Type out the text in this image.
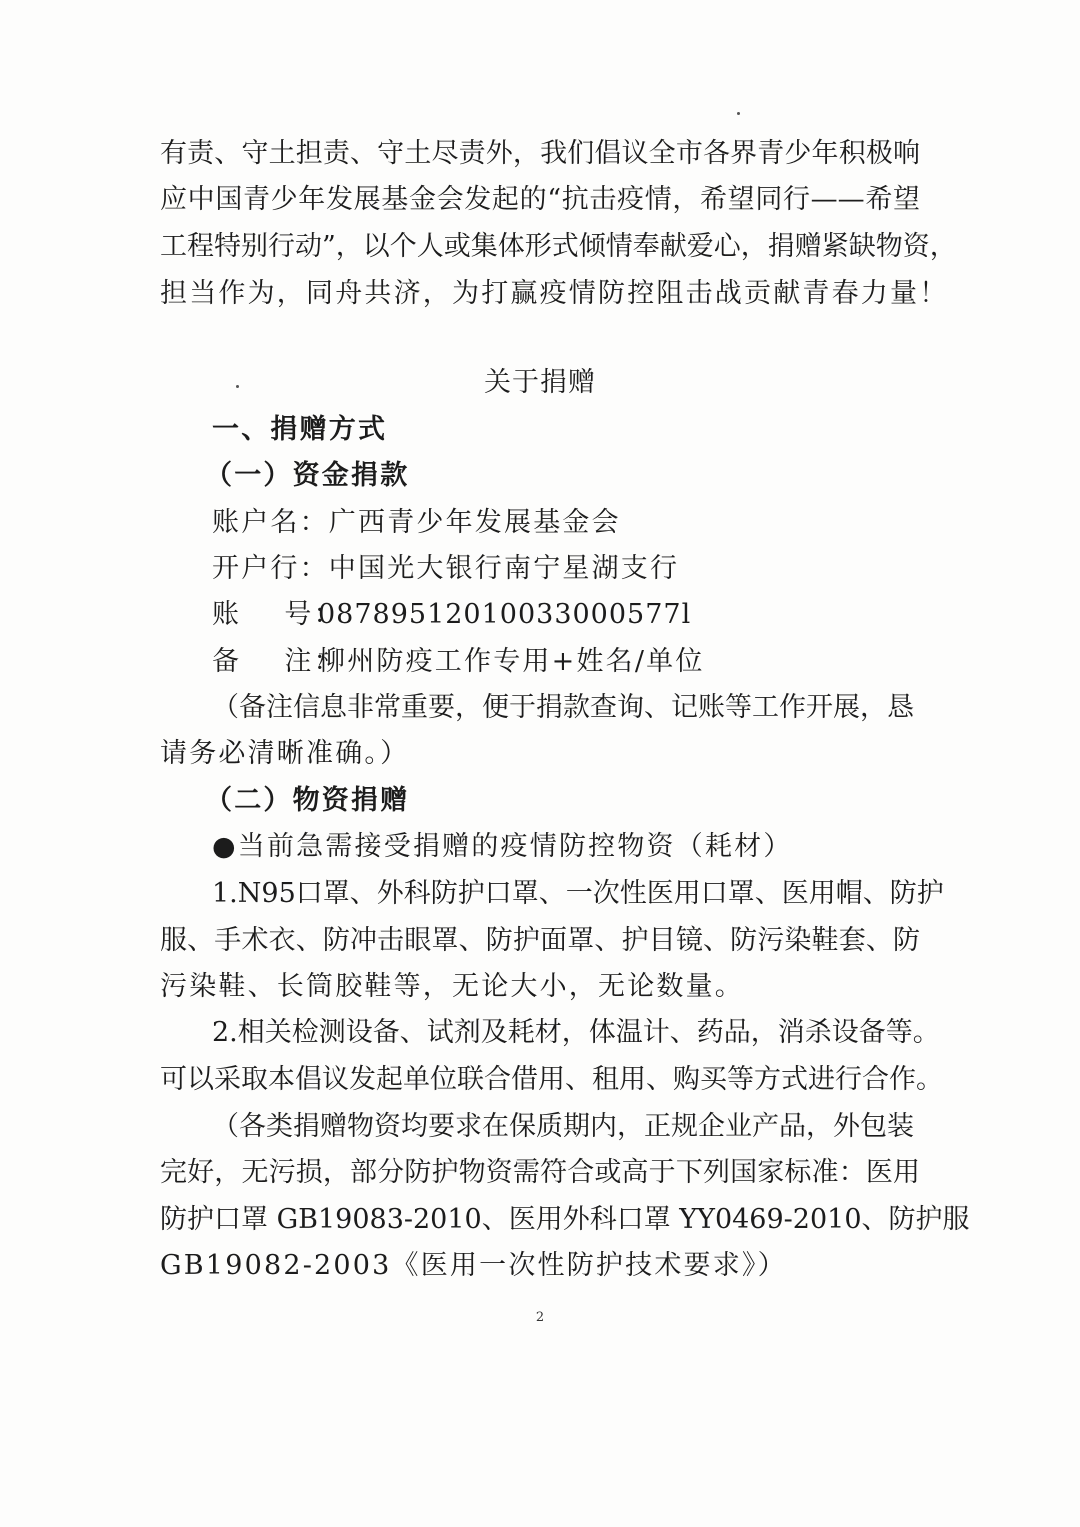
有责、守土担责、守土尽责外，我们倡议全市各界青少年积极响
应中国青少年发展基金会发起的“抗击疫情，希望同行——希望
工程特别行动”，以个人或集体形式倾情奉献爱心，捐赠紧缺物资，
担当作为，同舟共济，为打赢疫情防控阻击战贡献青春力量！
关于捐赠
一、捐赠方式
（一）资金捐款
账户名：广西青少年发展基金会
开户行：中国光大银行南宁星湖支行
账    号：
08789512010033000577l
备    注：
柳州防疫工作专用+姓名/单位
（备注信息非常重要，便于捐款查询、记账等工作开展，恳
请务必清晰准确。）
（二）物资捐赠
●当前急需接受捐赠的疫情防控物资（耗材）
1.N95口罩、外科防护口罩、一次性医用口罩、医用帽、防护
服、手术衣、防冲击眼罩、防护面罩、护目镜、防污染鞋套、防
污染鞋、长筒胶鞋等，无论大小，无论数量。
2.相关检测设备、试剂及耗材，体温计、药品，消杀设备等。
可以采取本倡议发起单位联合借用、租用、购买等方式进行合作。
（各类捐赠物资均要求在保质期内，正规企业产品，外包装
完好，无污损，部分防护物资需符合或高于下列国家标准：医用
防护口罩 GB19083-2010、医用外科口罩 YY0469-2010、防护服
GB19082-2003《医用一次性防护技术要求》）
2
